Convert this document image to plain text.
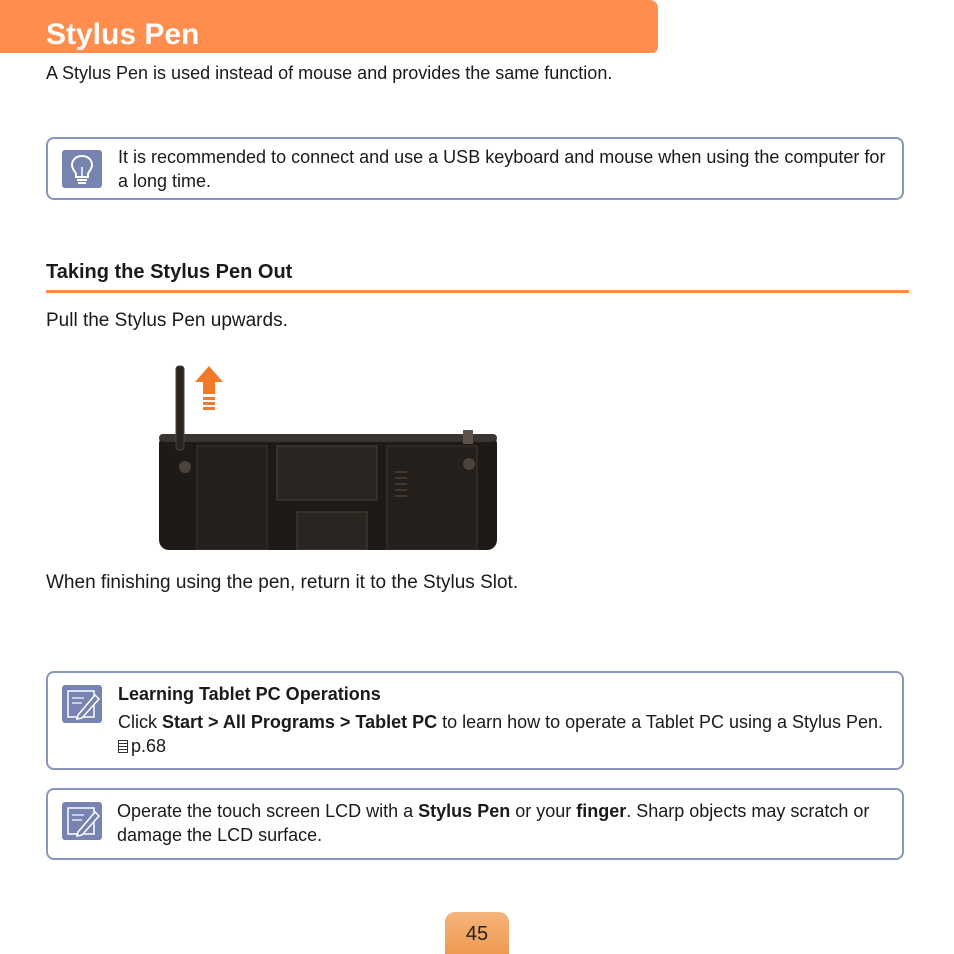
Stylus Pen
A Stylus Pen is used instead of mouse and provides the same function.
It is recommended to connect and use a USB keyboard and mouse when using the computer for a long time.
Taking the Stylus Pen Out
Pull the Stylus Pen upwards.
When finishing using the pen, return it to the Stylus Slot.
Learning Tablet PC Operations
Click Start > All Programs > Tablet PC to learn how to operate a Tablet PC using a Stylus Pen. p.68
Operate the touch screen LCD with a Stylus Pen or your finger. Sharp objects may scratch or damage the LCD surface.
45
